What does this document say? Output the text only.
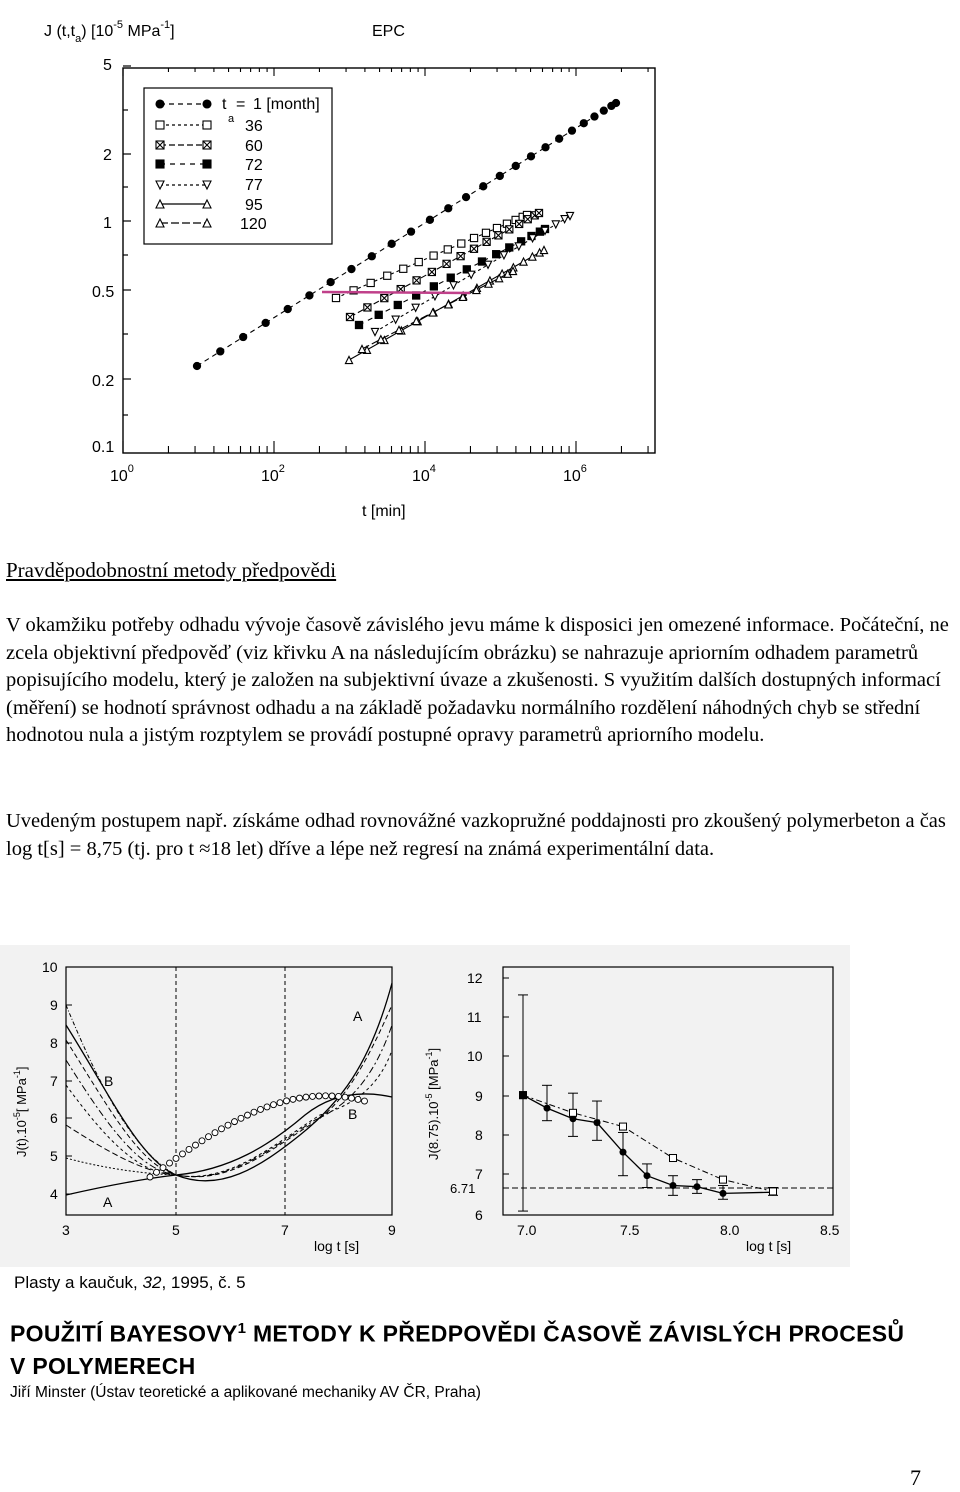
J $(t,t_a)$ [$10^{-5}$ MPa$^{-1}$]	EPC
5
2
1
0.5
0.2
0.1
$10^0$	$10^2$	$10^4$	$10^6$
t [min]
t
a
= 1 [month]
36
60
72
77
95
120
Pravděpodobnostní metody předpovědi
V okamžiku potřeby odhadu vývoje časově závislého jevu máme k disposici jen omezené informace. Počáteční, ne zcela objektivní předpověď (viz křivku A na následujícím obrázku) se nahrazuje apriorním odhadem parametrů popisujícího modelu, který je založen na subjektivní úvaze a zkušenosti. S využitím dalších dostupných informací (měření) se hodnotí správnost odhadu a na základě požadavku normálního rozdělení náhodných chyb se střední hodnotou nula a jistým rozptylem se provádí postupné opravy parametrů apriorního modelu.
Uvedeným postupem např. získáme odhad rovnovážné vazkopružné poddajnosti pro zkoušený polymerbeton a čas log t[s] = 8,75 (tj. pro t ≈18 let) dříve a lépe než regresí na známá experimentální data.
10
9
8
7
6
5
4
3	5	7	9
log t [s]
$J(t).10^{-5}$[ MPa$^{-1}$]
B
A
A
B
12
11
10
9
8
7
6
6.71
7.0	7.5	8.0	8.5
log t [s]
$J(8.75).10^{-5}$ [MPa$^{-1}$]
Plasty a kaučuk, 32, 1995, č. 5
POUŽITÍ BAYESOVY$^1$ METODY K PŘEDPOVĚDI ČASOVĚ ZÁVISLÝCH PROCESŮ
V POLYMERECH
Jiří Minster (Ústav teoretické a aplikované mechaniky AV ČR, Praha)
7
